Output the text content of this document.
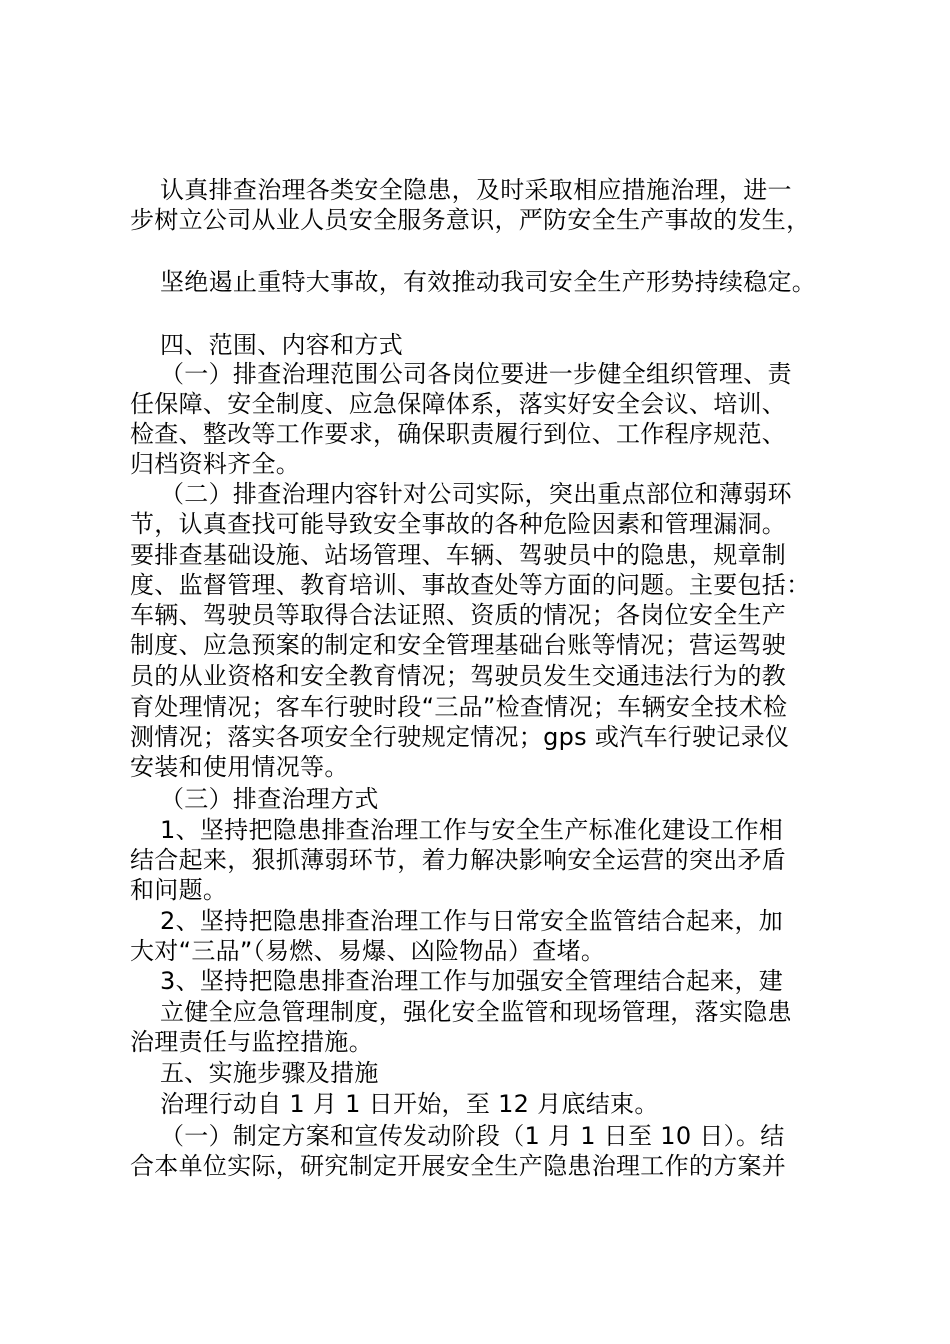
认真排查治理各类安全隐患，及时采取相应措施治理，进一
步树立公司从业人员安全服务意识，严防安全生产事故的发生，
坚绝遏止重特大事故，有效推动我司安全生产形势持续稳定。
四、范围、内容和方式
（一）排查治理范围公司各岗位要进一步健全组织管理、责
任保障、安全制度、应急保障体系，落实好安全会议、培训、
检查、整改等工作要求，确保职责履行到位、工作程序规范、
归档资料齐全。
（二）排查治理内容针对公司实际，突出重点部位和薄弱环
节，认真查找可能导致安全事故的各种危险因素和管理漏洞。
要排查基础设施、站场管理、车辆、驾驶员中的隐患，规章制
度、监督管理、教育培训、事故查处等方面的问题。主要包括：
车辆、驾驶员等取得合法证照、资质的情况；各岗位安全生产
制度、应急预案的制定和安全管理基础台账等情况；营运驾驶
员的从业资格和安全教育情况；驾驶员发生交通违法行为的教
育处理情况；客车行驶时段“三品”检查情况；车辆安全技术检
测情况；落实各项安全行驶规定情况；gps 或汽车行驶记录仪
安装和使用情况等。
（三）排查治理方式
1、坚持把隐患排查治理工作与安全生产标准化建设工作相
结合起来，狠抓薄弱环节，着力解决影响安全运营的突出矛盾
和问题。
2、坚持把隐患排查治理工作与日常安全监管结合起来，加
大对“三品”（易燃、易爆、凶险物品）查堵。
3、坚持把隐患排查治理工作与加强安全管理结合起来，建
立健全应急管理制度，强化安全监管和现场管理，落实隐患
治理责任与监控措施。
五、实施步骤及措施
治理行动自 1 月 1 日开始，至 12 月底结束。
（一）制定方案和宣传发动阶段（1 月 1 日至 10 日）。结
合本单位实际，研究制定开展安全生产隐患治理工作的方案并
